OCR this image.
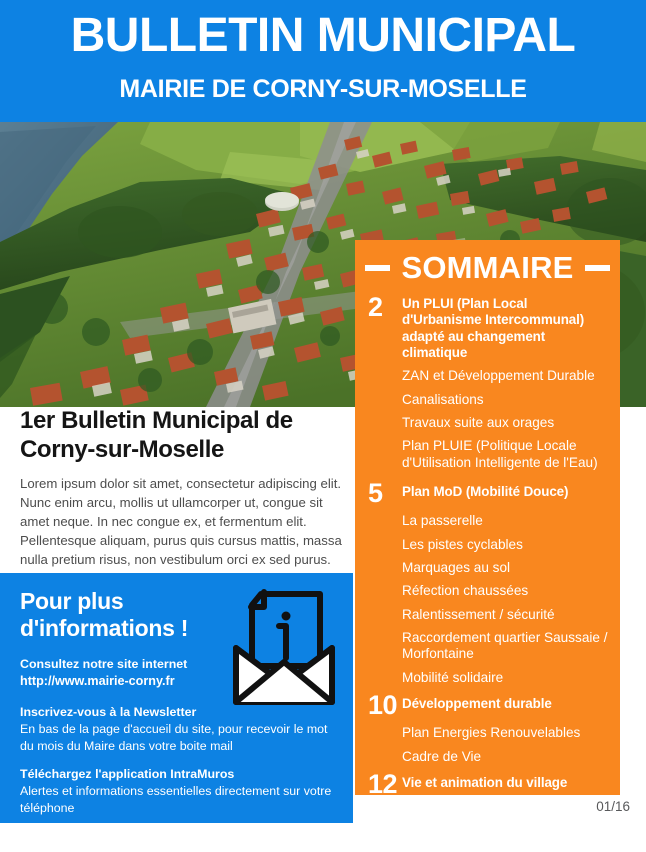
BULLETIN MUNICIPAL
MAIRIE DE CORNY-SUR-MOSELLE
1er Bulletin Municipal de Corny-sur-Moselle
Lorem ipsum dolor sit amet, consectetur adipiscing elit. Nunc enim arcu, mollis ut ullamcorper ut, congue sit amet neque. In nec congue ex, et fermentum elit. Pellentesque aliquam, purus quis cursus mattis, massa nulla pretium risus, non vestibulum orci ex sed purus.
Pour plus d'informations !
Consultez notre site internet
http://www.mairie-corny.fr
Inscrivez-vous à la Newsletter
En bas de la page d'accueil du site, pour recevoir le mot du mois du Maire dans votre boite mail
Téléchargez l'application IntraMuros
Alertes et informations essentielles directement sur votre téléphone
SOMMAIRE
2	Un PLUI (Plan Local d'Urbanisme Intercommunal) adapté au changement climatique
ZAN et Développement Durable
Canalisations
Travaux suite aux orages
Plan PLUIE (Politique Locale d'Utilisation Intelligente de l'Eau)
5	Plan MoD (Mobilité Douce)
La passerelle
Les pistes cyclables
Marquages au sol
Réfection chaussées
Ralentissement / sécurité
Raccordement quartier Saussaie / Morfontaine
Mobilité solidaire
10 Développement durable
Plan Energies Renouvelables
Cadre de Vie
12 Vie et animation du village
15 Finances
16 CCAS
01/16
